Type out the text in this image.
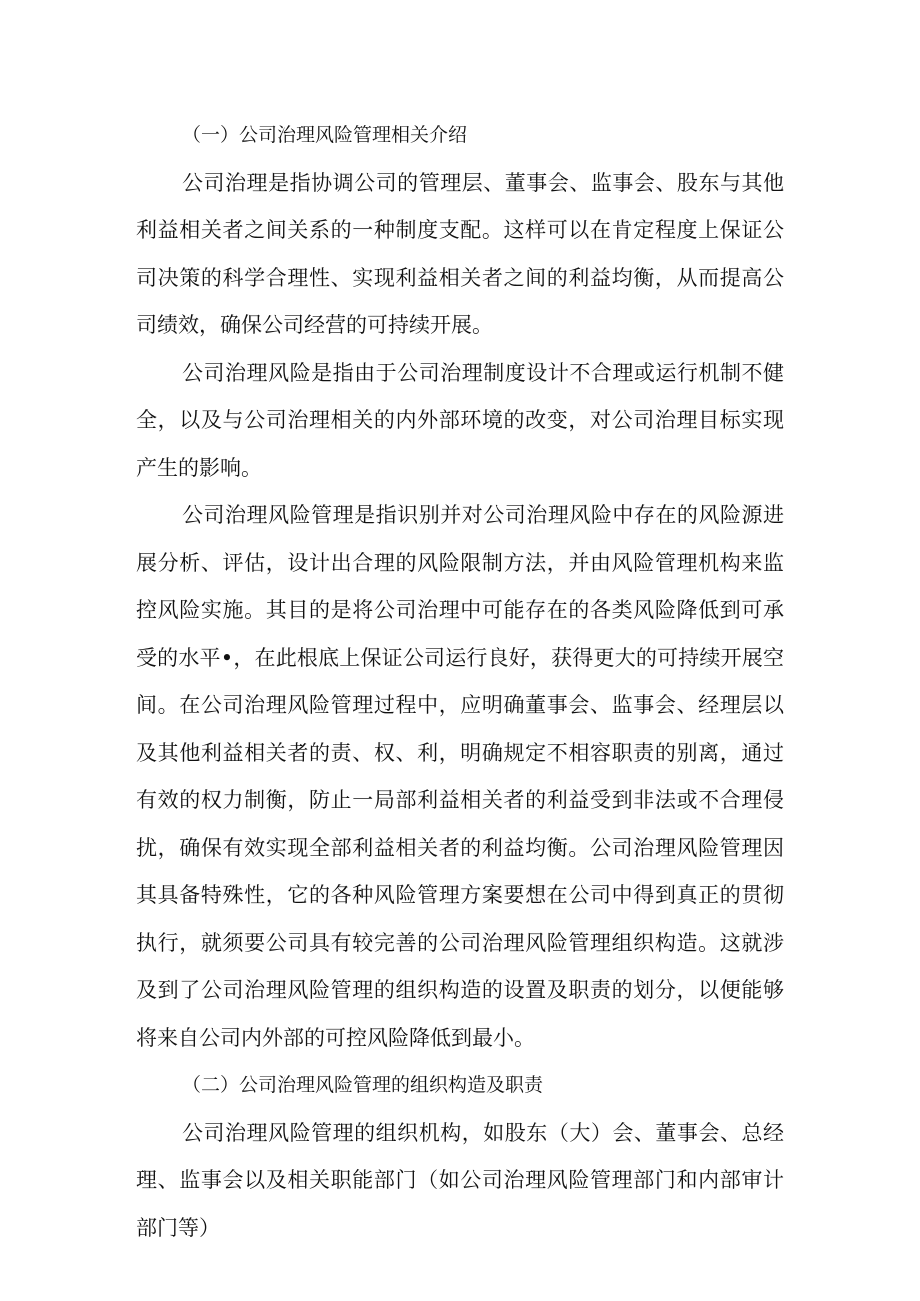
（一）公司治理风险管理相关介绍

公司治理是指协调公司的管理层、董事会、监事会、股东与其他利益相关者之间关系的一种制度支配。这样可以在肯定程度上保证公司决策的科学合理性、实现利益相关者之间的利益均衡，从而提高公司绩效，确保公司经营的可持续开展。

公司治理风险是指由于公司治理制度设计不合理或运行机制不健全，以及与公司治理相关的内外部环境的改变，对公司治理目标实现产生的影响。

公司治理风险管理是指识别并对公司治理风险中存在的风险源进展分析、评估，设计出合理的风险限制方法，并由风险管理机构来监控风险实施。其目的是将公司治理中可能存在的各类风险降低到可承受的水平•，在此根底上保证公司运行良好，获得更大的可持续开展空间。在公司治理风险管理过程中，应明确董事会、监事会、经理层以及其他利益相关者的责、权、利，明确规定不相容职责的别离，通过有效的权力制衡，防止一局部利益相关者的利益受到非法或不合理侵扰，确保有效实现全部利益相关者的利益均衡。公司治理风险管理因其具备特殊性，它的各种风险管理方案要想在公司中得到真正的贯彻执行，就须要公司具有较完善的公司治理风险管理组织构造。这就涉及到了公司治理风险管理的组织构造的设置及职责的划分，以便能够将来自公司内外部的可控风险降低到最小。

（二）公司治理风险管理的组织构造及职责

公司治理风险管理的组织机构，如股东（大）会、董事会、总经理、监事会以及相关职能部门（如公司治理风险管理部门和内部审计部门等）
